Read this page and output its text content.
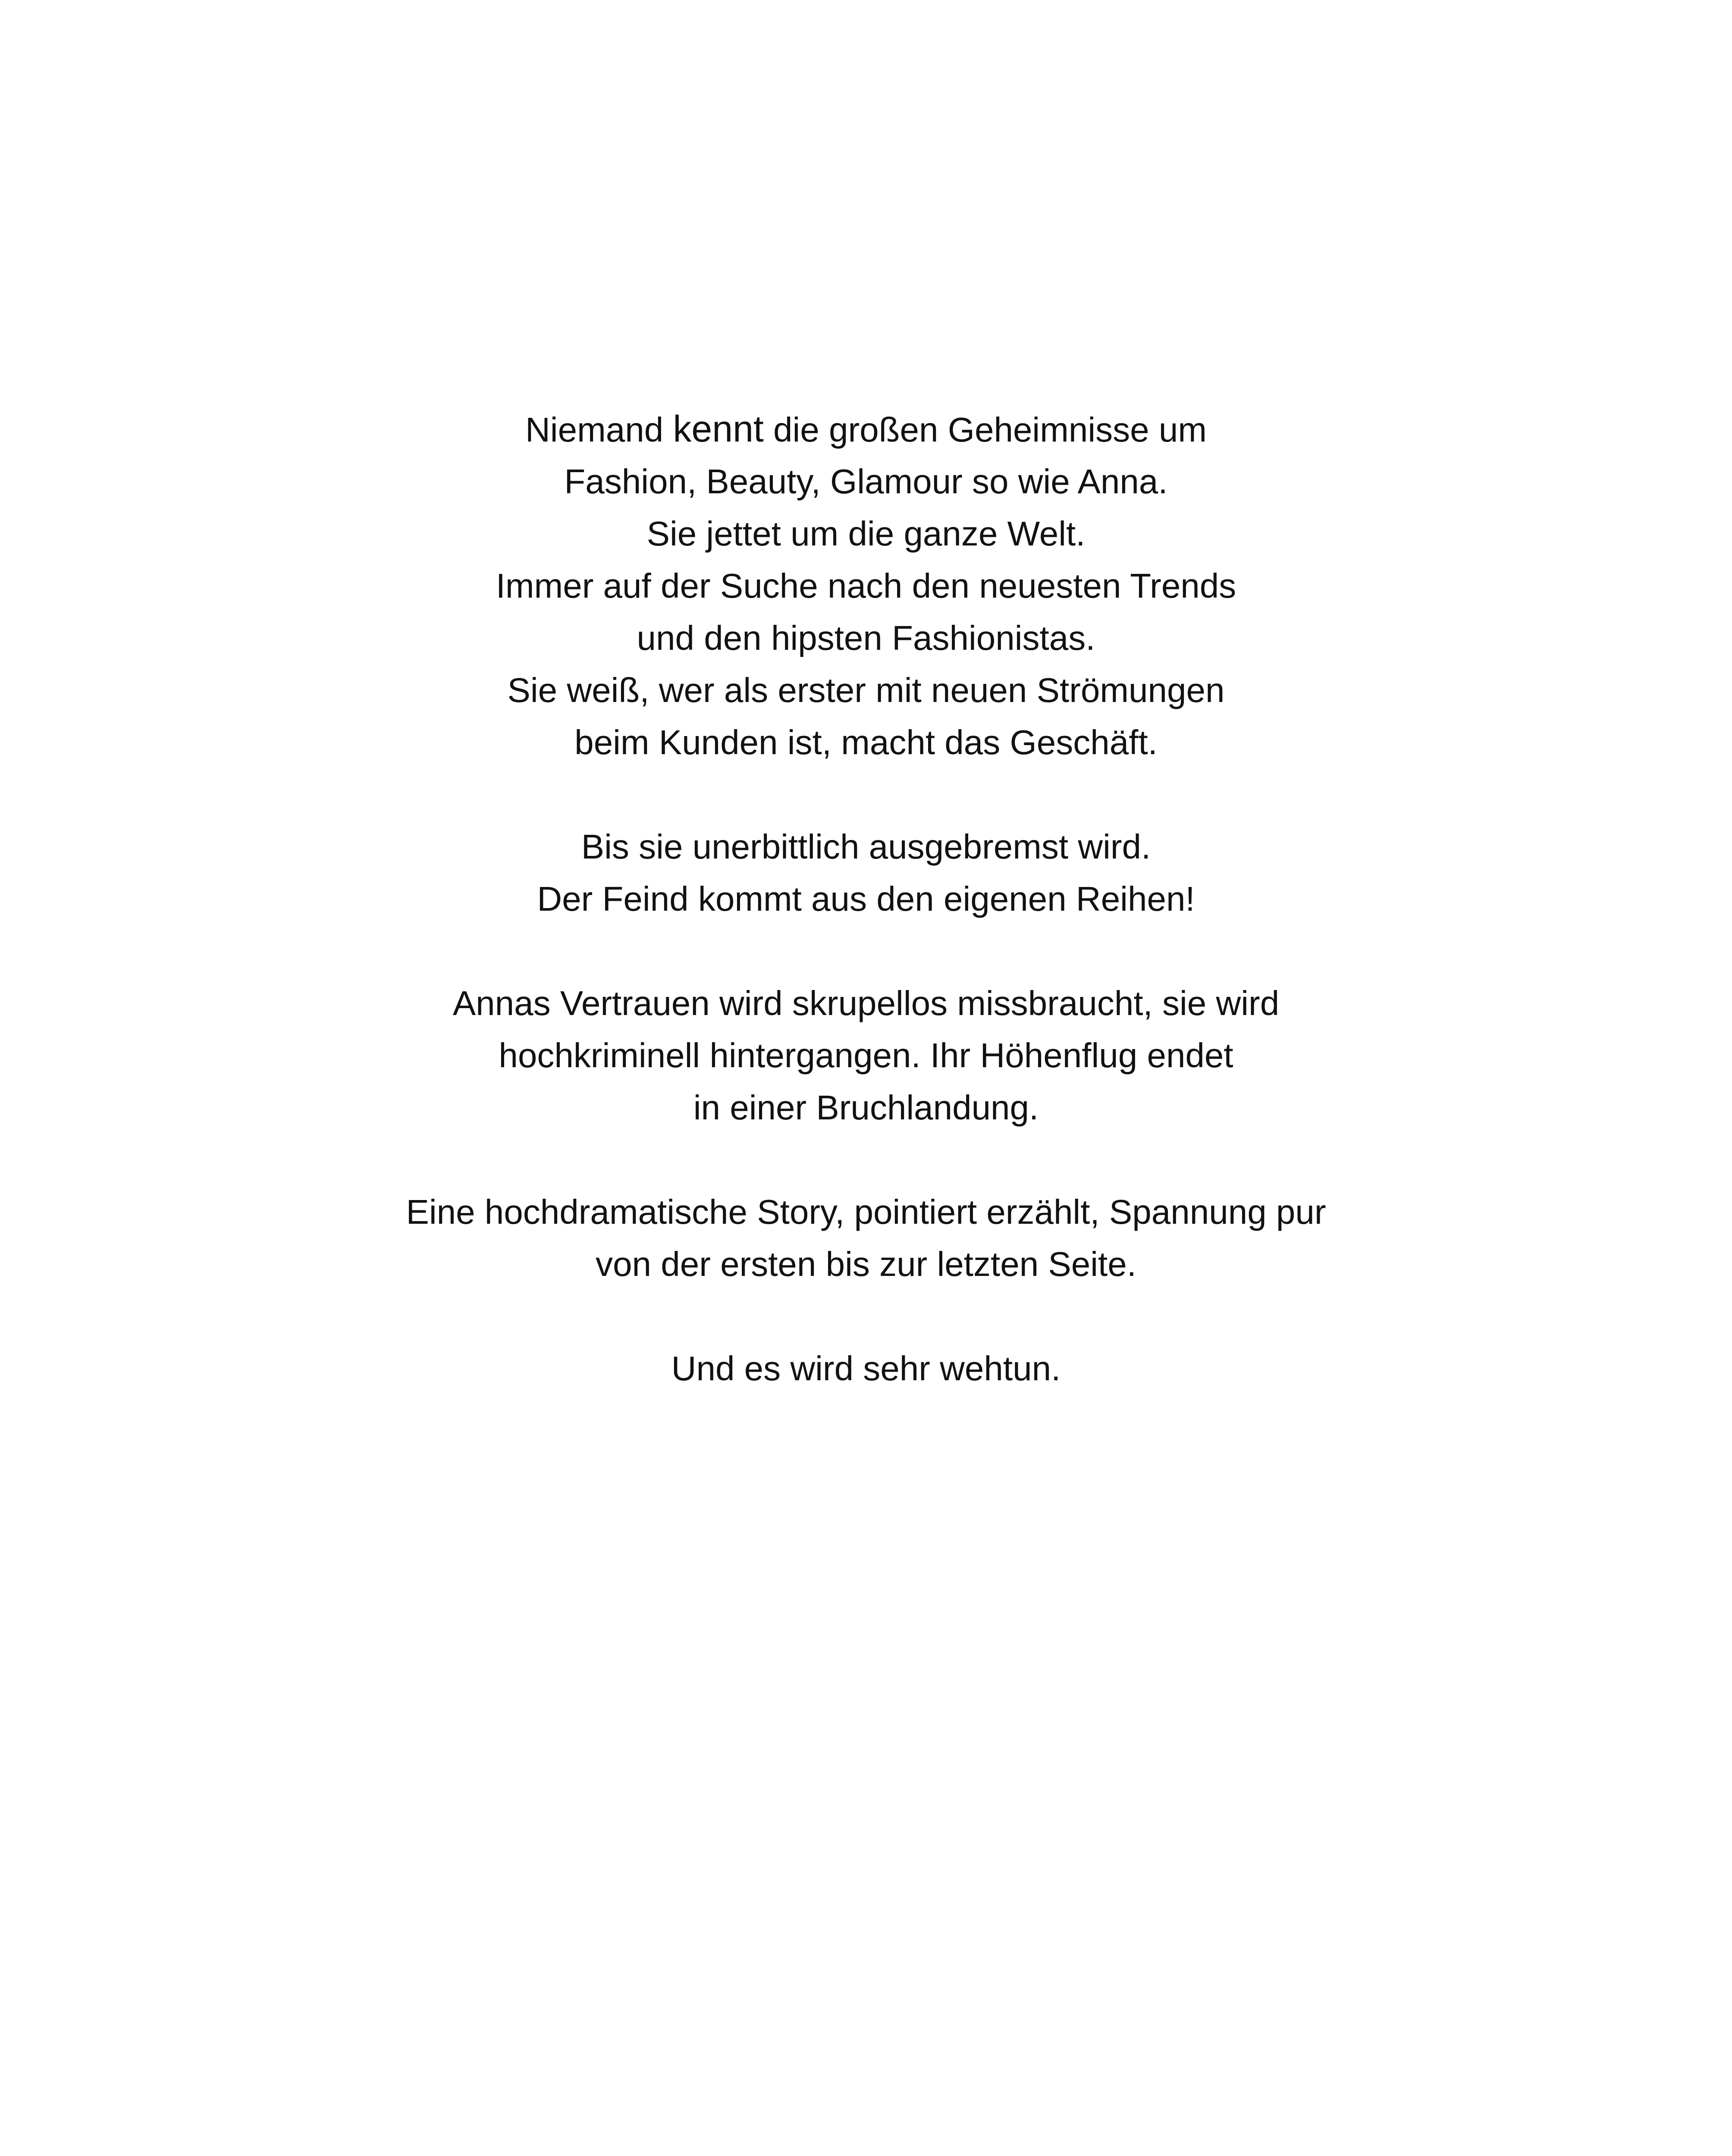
Niemand kennt die großen Geheimnisse um
Fashion, Beauty, Glamour so wie Anna.
Sie jettet um die ganze Welt.
Immer auf der Suche nach den neuesten Trends
und den hipsten Fashionistas.
Sie weiß, wer als erster mit neuen Strömungen
beim Kunden ist, macht das Geschäft.
Bis sie unerbittlich ausgebremst wird.
Der Feind kommt aus den eigenen Reihen!
Annas Vertrauen wird skrupellos missbraucht, sie wird
hochkriminell hintergangen. Ihr Höhenflug endet
in einer Bruchlandung.
Eine hochdramatische Story, pointiert erzählt, Spannung pur
von der ersten bis zur letzten Seite.
Und es wird sehr wehtun.
